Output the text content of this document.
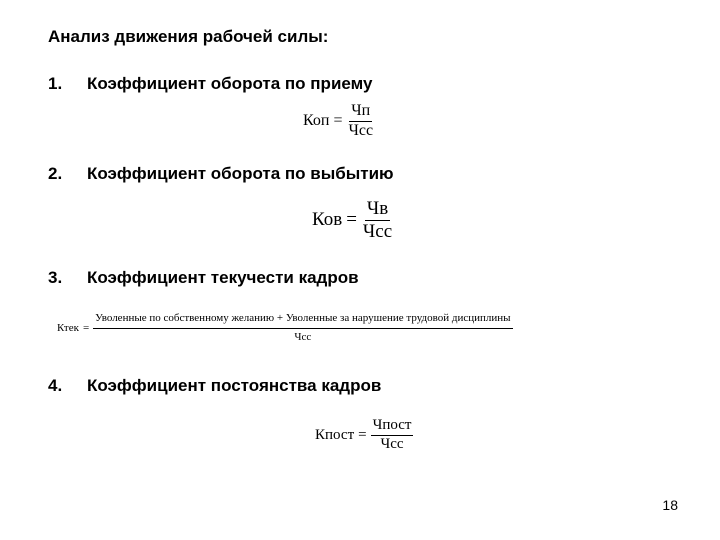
Анализ движения рабочей силы:
1. Коэффициент оборота по приему
Коп = $\frac{Чп}{\text{Чсс}}$
2. Коэффициент оборота по выбытию
Ков = $\frac{Чв}{\text{Чсс}}$
3. Коэффициент текучести кадров
Ктек =
Уволенные по собственному желанию + Уволенные за нарушение трудовой дисциплины
Чсс
4. Коэффициент постоянства кадров
Кпост = $\frac{\text{Чпост}}{\text{Чсс}}$
18
